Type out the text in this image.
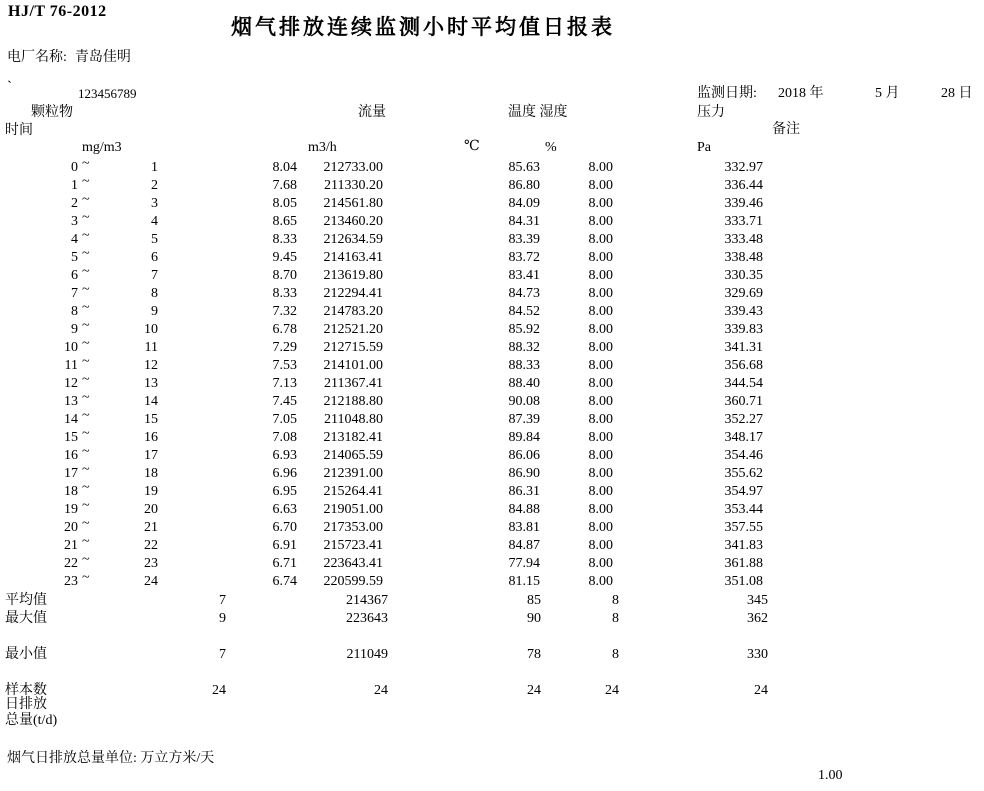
HJ/T 76-2012
烟气排放连续监测小时平均值日报表
电厂名称: 青岛佳明
`	123456789	监测日期: 2018 年	5 月	28 日
颗粒物	流量	温度 湿度	压力
时间	备注
mg/m3	m3/h	℃	%	Pa
0 ~	1	8.04 212733.00	85.63	8.00	332.97
1 ~	2	7.68 211330.20	86.80	8.00	336.44
2 ~	3	8.05 214561.80	84.09	8.00	339.46
3 ~	4	8.65 213460.20	84.31	8.00	333.71
4 ~	5	8.33 212634.59	83.39	8.00	333.48
5 ~	6	9.45 214163.41	83.72	8.00	338.48
6 ~	7	8.70 213619.80	83.41	8.00	330.35
7 ~	8	8.33 212294.41	84.73	8.00	329.69
8 ~	9	7.32 214783.20	84.52	8.00	339.43
9 ~	10	6.78 212521.20	85.92	8.00	339.83
10 ~	11	7.29 212715.59	88.32	8.00	341.31
11 ~	12	7.53 214101.00	88.33	8.00	356.68
12 ~	13	7.13 211367.41	88.40	8.00	344.54
13 ~	14	7.45 212188.80	90.08	8.00	360.71
14 ~	15	7.05 211048.80	87.39	8.00	352.27
15 ~	16	7.08 213182.41	89.84	8.00	348.17
16 ~	17	6.93 214065.59	86.06	8.00	354.46
17 ~	18	6.96 212391.00	86.90	8.00	355.62
18 ~	19	6.95 215264.41	86.31	8.00	354.97
19 ~	20	6.63 219051.00	84.88	8.00	353.44
20 ~	21	6.70 217353.00	83.81	8.00	357.55
21 ~	22	6.91 215723.41	84.87	8.00	341.83
22 ~	23	6.71 223643.41	77.94	8.00	361.88
23 ~	24	6.74 220599.59	81.15	8.00	351.08
平均值	7	214367	85	8	345
最大值	9	223643	90	8	362
最小值	7	211049	78	8	330
样本数	24	24	24	24	24
日排放
总量(t/d)
烟气日排放总量单位: 万立方米/天
1.00
